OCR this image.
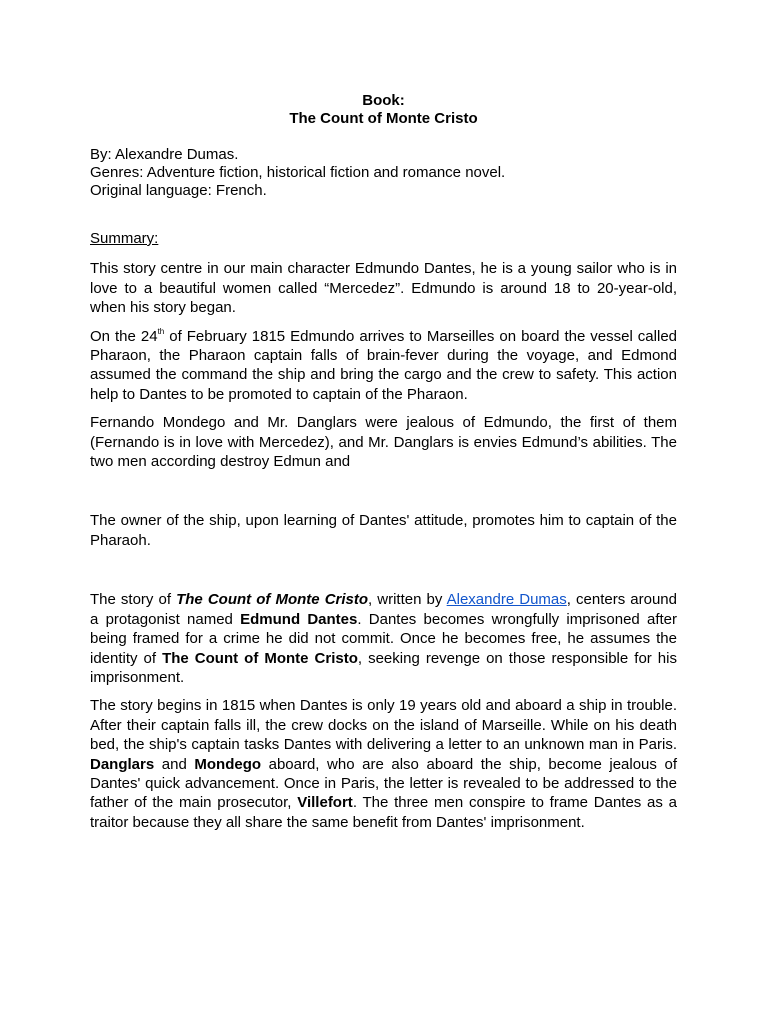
Book:
The Count of Monte Cristo
By: Alexandre Dumas.
Genres: Adventure fiction, historical fiction and romance novel.
Original language: French.
Summary:

This story centre in our main character Edmundo Dantes, he is a young sailor who is in love to a beautiful women called “Mercedez”. Edmundo is around 18 to 20-year-old, when his story began.

On the 24th of February 1815 Edmundo arrives to Marseilles on board the vessel called Pharaon, the Pharaon captain falls of brain-fever during the voyage, and Edmond assumed the command the ship and bring the cargo and the crew to safety. This action help to Dantes to be promoted to captain of the Pharaon.

Fernando Mondego and Mr. Danglars were jealous of Edmundo, the first of them (Fernando is in love with Mercedez), and Mr. Danglars is envies Edmund’s abilities. The two men according destroy Edmun and

The owner of the ship, upon learning of Dantes' attitude, promotes him to captain of the Pharaoh.

The story of The Count of Monte Cristo, written by Alexandre Dumas, centers around a protagonist named Edmund Dantes. Dantes becomes wrongfully imprisoned after being framed for a crime he did not commit. Once he becomes free, he assumes the identity of The Count of Monte Cristo, seeking revenge on those responsible for his imprisonment.

The story begins in 1815 when Dantes is only 19 years old and aboard a ship in trouble. After their captain falls ill, the crew docks on the island of Marseille. While on his death bed, the ship's captain tasks Dantes with delivering a letter to an unknown man in Paris. Danglars and Mondego aboard, who are also aboard the ship, become jealous of Dantes' quick advancement. Once in Paris, the letter is revealed to be addressed to the father of the main prosecutor, Villefort. The three men conspire to frame Dantes as a traitor because they all share the same benefit from Dantes' imprisonment.
